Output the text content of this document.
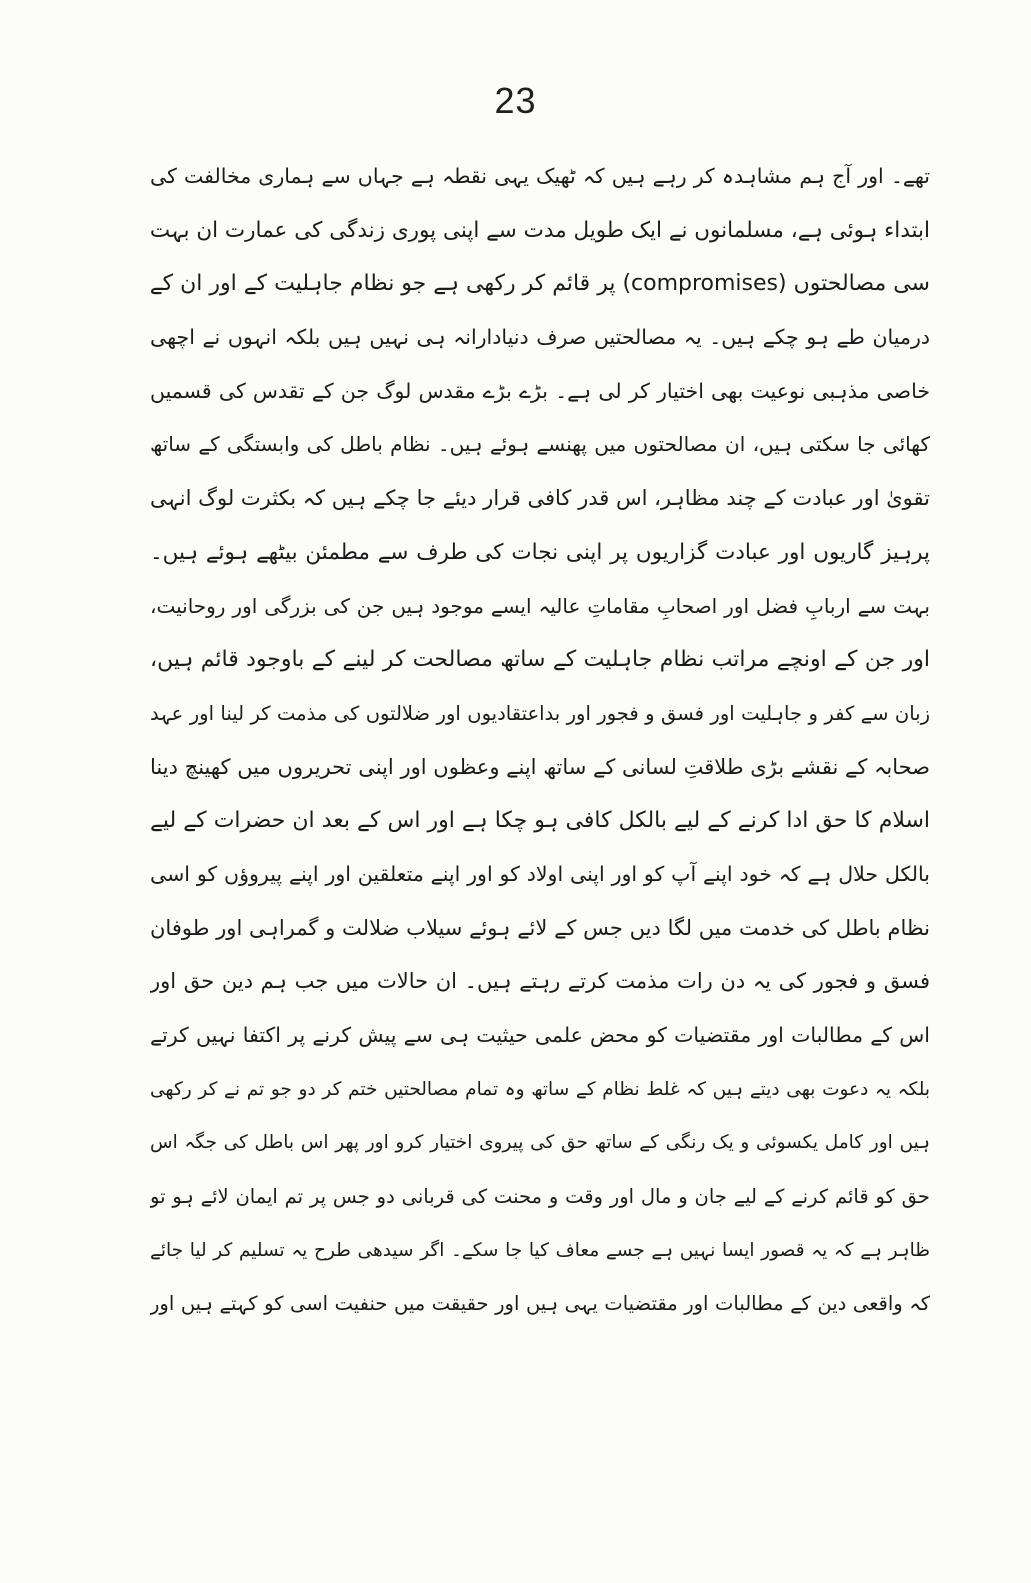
23
تھے۔ اور آج ہم مشاہدہ کر رہے ہیں کہ ٹھیک یہی نقطہ ہے جہاں سے ہماری مخالفت کی
ابتداء ہوئی ہے، مسلمانوں نے ایک طویل مدت سے اپنی پوری زندگی کی عمارت ان بہت
سی مصالحتوں (compromises) پر قائم کر رکھی ہے جو نظام جاہلیت کے اور ان کے
درمیان طے ہو چکے ہیں۔ یہ مصالحتیں صرف دنیادارانہ ہی نہیں ہیں بلکہ انہوں نے اچھی
خاصی مذہبی نوعیت بھی اختیار کر لی ہے۔ بڑے بڑے مقدس لوگ جن کے تقدس کی قسمیں
کھائی جا سکتی ہیں، ان مصالحتوں میں پھنسے ہوئے ہیں۔ نظام باطل کی وابستگی کے ساتھ
تقویٰ اور عبادت کے چند مظاہر، اس قدر کافی قرار دیئے جا چکے ہیں کہ بکثرت لوگ انہی
پرہیز گاریوں اور عبادت گزاریوں پر اپنی نجات کی طرف سے مطمئن بیٹھے ہوئے ہیں۔
بہت سے اربابِ فضل اور اصحابِ مقاماتِ عالیہ ایسے موجود ہیں جن کی بزرگی اور روحانیت،
اور جن کے اونچے مراتب نظام جاہلیت کے ساتھ مصالحت کر لینے کے باوجود قائم ہیں،
زبان سے کفر و جاہلیت اور فسق و فجور اور بداعتقادیوں اور ضلالتوں کی مذمت کر لینا اور عہد
صحابہ کے نقشے بڑی طلاقتِ لسانی کے ساتھ اپنے وعظوں اور اپنی تحریروں میں کھینچ دینا
اسلام کا حق ادا کرنے کے لیے بالکل کافی ہو چکا ہے اور اس کے بعد ان حضرات کے لیے
بالکل حلال ہے کہ خود اپنے آپ کو اور اپنی اولاد کو اور اپنے متعلقین اور اپنے پیروؤں کو اسی
نظام باطل کی خدمت میں لگا دیں جس کے لائے ہوئے سیلاب ضلالت و گمراہی اور طوفان
فسق و فجور کی یہ دن رات مذمت کرتے رہتے ہیں۔ ان حالات میں جب ہم دین حق اور
اس کے مطالبات اور مقتضیات کو محض علمی حیثیت ہی سے پیش کرنے پر اکتفا نہیں کرتے
بلکہ یہ دعوت بھی دیتے ہیں کہ غلط نظام کے ساتھ وہ تمام مصالحتیں ختم کر دو جو تم نے کر رکھی
ہیں اور کامل یکسوئی و یک رنگی کے ساتھ حق کی پیروی اختیار کرو اور پھر اس باطل کی جگہ اس
حق کو قائم کرنے کے لیے جان و مال اور وقت و محنت کی قربانی دو جس پر تم ایمان لائے ہو تو
ظاہر ہے کہ یہ قصور ایسا نہیں ہے جسے معاف کیا جا سکے۔ اگر سیدھی طرح یہ تسلیم کر لیا جائے
کہ واقعی دین کے مطالبات اور مقتضیات یہی ہیں اور حقیقت میں حنفیت اسی کو کہتے ہیں اور
